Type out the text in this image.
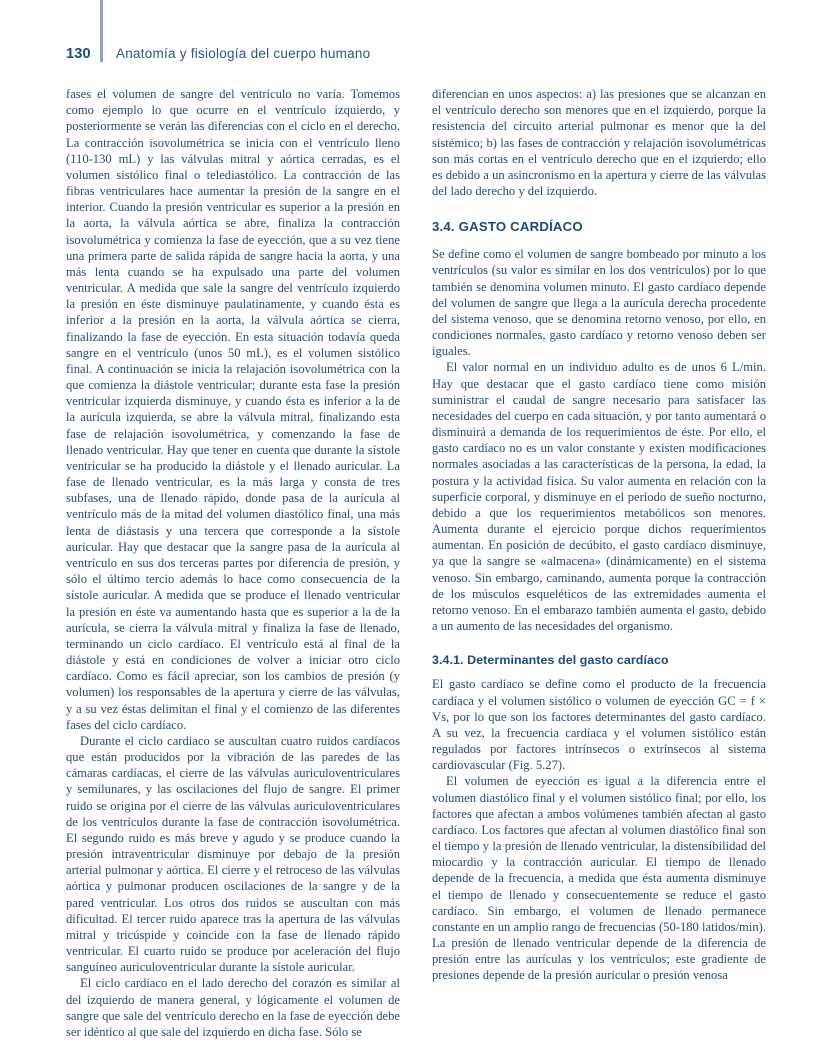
130	Anatomía y fisiología del cuerpo humano

fases el volumen de sangre del ventrículo no varía. Tomemos como ejemplo lo que ocurre en el ventrículo izquierdo, y posteriormente se verán las diferencias con el ciclo en el derecho. La contracción isovolumétrica se inicia con el ventrículo lleno (110-130 mL) y las válvulas mitral y aórtica cerradas, es el volumen sistólico final o telediastólico. La contracción de las fibras ventriculares hace aumentar la presión de la sangre en el interior. Cuando la presión ventricular es superior a la presión en la aorta, la válvula aórtica se abre, finaliza la contracción isovolumétrica y comienza la fase de eyección, que a su vez tiene una primera parte de salida rápida de sangre hacia la aorta, y una más lenta cuando se ha expulsado una parte del volumen ventricular. A medida que sale la sangre del ventrículo izquierdo la presión en éste disminuye paulatinamente, y cuando ésta es inferior a la presión en la aorta, la válvula aórtica se cierra, finalizando la fase de eyección. En esta situación todavía queda sangre en el ventrículo (unos 50 mL), es el volumen sistólico final. A continuación se inicia la relajación isovolumétrica con la que comienza la diástole ventricular; durante esta fase la presión ventricular izquierda disminuye, y cuando ésta es inferior a la de la aurícula izquierda, se abre la válvula mitral, finalizando esta fase de relajación isovolumétrica, y comenzando la fase de llenado ventricular. Hay que tener en cuenta que durante la sístole ventricular se ha producido la diástole y el llenado auricular. La fase de llenado ventricular, es la más larga y consta de tres subfases, una de llenado rápido, donde pasa de la aurícula al ventrículo más de la mitad del volumen diastólico final, una más lenta de diástasis y una tercera que corresponde a la sístole auricular. Hay que destacar que la sangre pasa de la aurícula al ventrículo en sus dos terceras partes por diferencia de presión, y sólo el último tercio además lo hace como consecuencia de la sístole auricular. A medida que se produce el llenado ventricular la presión en éste va aumentando hasta que es superior a la de la aurícula, se cierra la válvula mitral y finaliza la fase de llenado, terminando un ciclo cardíaco. El ventrículo está al final de la diástole y está en condiciones de volver a iniciar otro ciclo cardíaco. Como es fácil apreciar, son los cambios de presión (y volumen) los responsables de la apertura y cierre de las válvulas, y a su vez éstas delimitan el final y el comienzo de las diferentes fases del ciclo cardíaco.

Durante el ciclo cardiaco se auscultan cuatro ruidos cardíacos que están producidos por la vibración de las paredes de las cámaras cardíacas, el cierre de las válvulas auriculoventriculares y semilunares, y las oscilaciones del flujo de sangre. El primer ruido se origina por el cierre de las válvulas auriculoventriculares de los ventrículos durante la fase de contracción isovolumétrica. El segundo ruido es más breve y agudo y se produce cuando la presión intraventricular disminuye por debajo de la presión arterial pulmonar y aórtica. El cierre y el retroceso de las válvulas aórtica y pulmonar producen oscilaciones de la sangre y de la pared ventricular. Los otros dos ruidos se auscultan con más dificultad. El tercer ruido aparece tras la apertura de las válvulas mitral y tricúspide y coincide con la fase de llenado rápido ventricular. El cuarto ruido se produce por aceleración del flujo sanguíneo auriculoventricular durante la sístole auricular.

El ciclo cardíaco en el lado derecho del corazón es similar al del izquierdo de manera general, y lógicamente el volumen de sangre que sale del ventrículo derecho en la fase de eyección debe ser idéntico al que sale del izquierdo en dicha fase. Sólo se

diferencian en unos aspectos: a) las presiones que se alcanzan en el ventrículo derecho son menores que en el izquierdo, porque la resistencia del circuito arterial pulmonar es menor que la del sistémico; b) las fases de contracción y relajación isovolumétricas son más cortas en el ventrículo derecho que en el izquierdo; ello es debido a un asincronismo en la apertura y cierre de las válvulas del lado derecho y del izquierdo.

3.4. GASTO CARDÍACO

Se define como el volumen de sangre bombeado por minuto a los ventrículos (su valor es similar en los dos ventrículos) por lo que también se denomina volumen minuto. El gasto cardíaco depende del volumen de sangre que llega a la aurícula derecha procedente del sistema venoso, que se denomina retorno venoso, por ello, en condiciones normales, gasto cardíaco y retorno venoso deben ser iguales.

El valor normal en un individuo adulto es de unos 6 L/min. Hay que destacar que el gasto cardíaco tiene como misión suministrar el caudal de sangre necesario para satisfacer las necesidades del cuerpo en cada situación, y por tanto aumentará o disminuirá a demanda de los requerimientos de éste. Por ello, el gasto cardíaco no es un valor constante y existen modificaciones normales asociadas a las características de la persona, la edad, la postura y la actividad física. Su valor aumenta en relación con la superficie corporal, y disminuye en el período de sueño nocturno, debido a que los requerimientos metabólicos son menores. Aumenta durante el ejercicio porque dichos requerimientos aumentan. En posición de decúbito, el gasto cardíaco disminuye, ya que la sangre se «almacena» (dinámicamente) en el sistema venoso. Sin embargo, caminando, aumenta porque la contracción de los músculos esqueléticos de las extremidades aumenta el retorno venoso. En el embarazo también aumenta el gasto, debido a un aumento de las necesidades del organismo.

3.4.1. Determinantes del gasto cardíaco

El gasto cardíaco se define como el producto de la frecuencia cardíaca y el volumen sistólico o volumen de eyección GC = f × Vs, por lo que son los factores determinantes del gasto cardíaco. A su vez, la frecuencia cardíaca y el volumen sistólico están regulados por factores intrínsecos o extrínsecos al sistema cardiovascular (Fig. 5.27).

El volumen de eyección es igual a la diferencia entre el volumen diastólico final y el volumen sistólico final; por ello, los factores que afectan a ambos volúmenes también afectan al gasto cardíaco. Los factores que afectan al volumen diastólico final son el tiempo y la presión de llenado ventricular, la distensibilidad del miocardio y la contracción auricular. El tiempo de llenado depende de la frecuencia, a medida que ésta aumenta disminuye el tiempo de llenado y consecuentemente se reduce el gasto cardíaco. Sin embargo, el volumen de llenado permanece constante en un amplio rango de frecuencias (50-180 latidos/min). La presión de llenado ventricular depende de la diferencia de presión entre las aurículas y los ventrículos; este gradiente de presiones depende de la presión auricular o presión venosa
